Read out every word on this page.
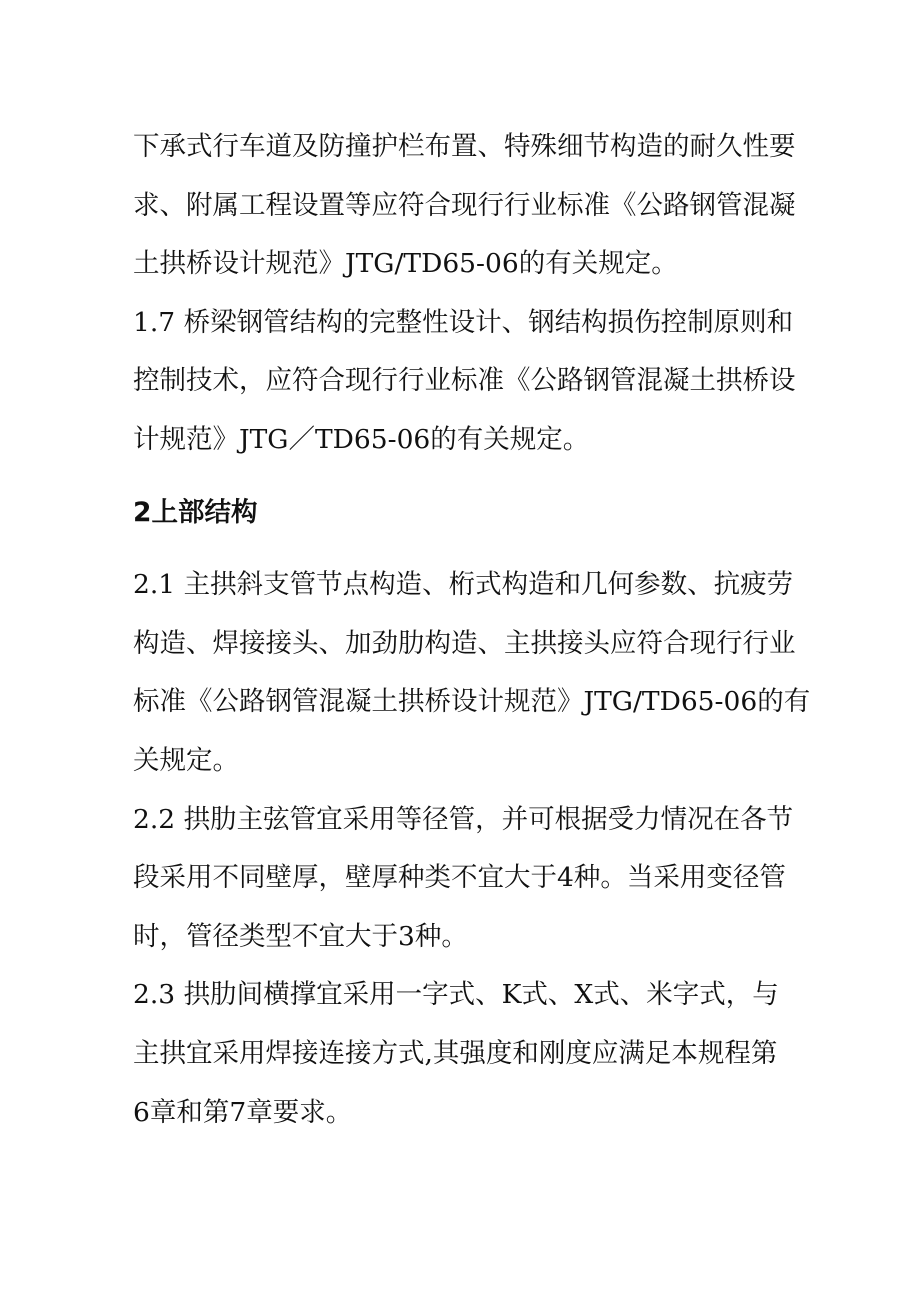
下承式行车道及防撞护栏布置、特殊细节构造的耐久性要
求、附属工程设置等应符合现行行业标准《公路钢管混凝
土拱桥设计规范》JTG/TD65-06的有关规定。
1.7 桥梁钢管结构的完整性设计、钢结构损伤控制原则和
控制技术，应符合现行行业标准《公路钢管混凝土拱桥设
计规范》JTG／TD65-06的有关规定。
2上部结构
2.1 主拱斜支管节点构造、桁式构造和几何参数、抗疲劳
构造、焊接接头、加劲肋构造、主拱接头应符合现行行业
标准《公路钢管混凝土拱桥设计规范》JTG/TD65-06的有
关规定。
2.2 拱肋主弦管宜采用等径管，并可根据受力情况在各节
段采用不同壁厚，壁厚种类不宜大于4种。当采用变径管
时，管径类型不宜大于3种。
2.3 拱肋间横撑宜采用一字式、K式、X式、米字式，与
主拱宜采用焊接连接方式,其强度和刚度应满足本规程第
6章和第7章要求。
